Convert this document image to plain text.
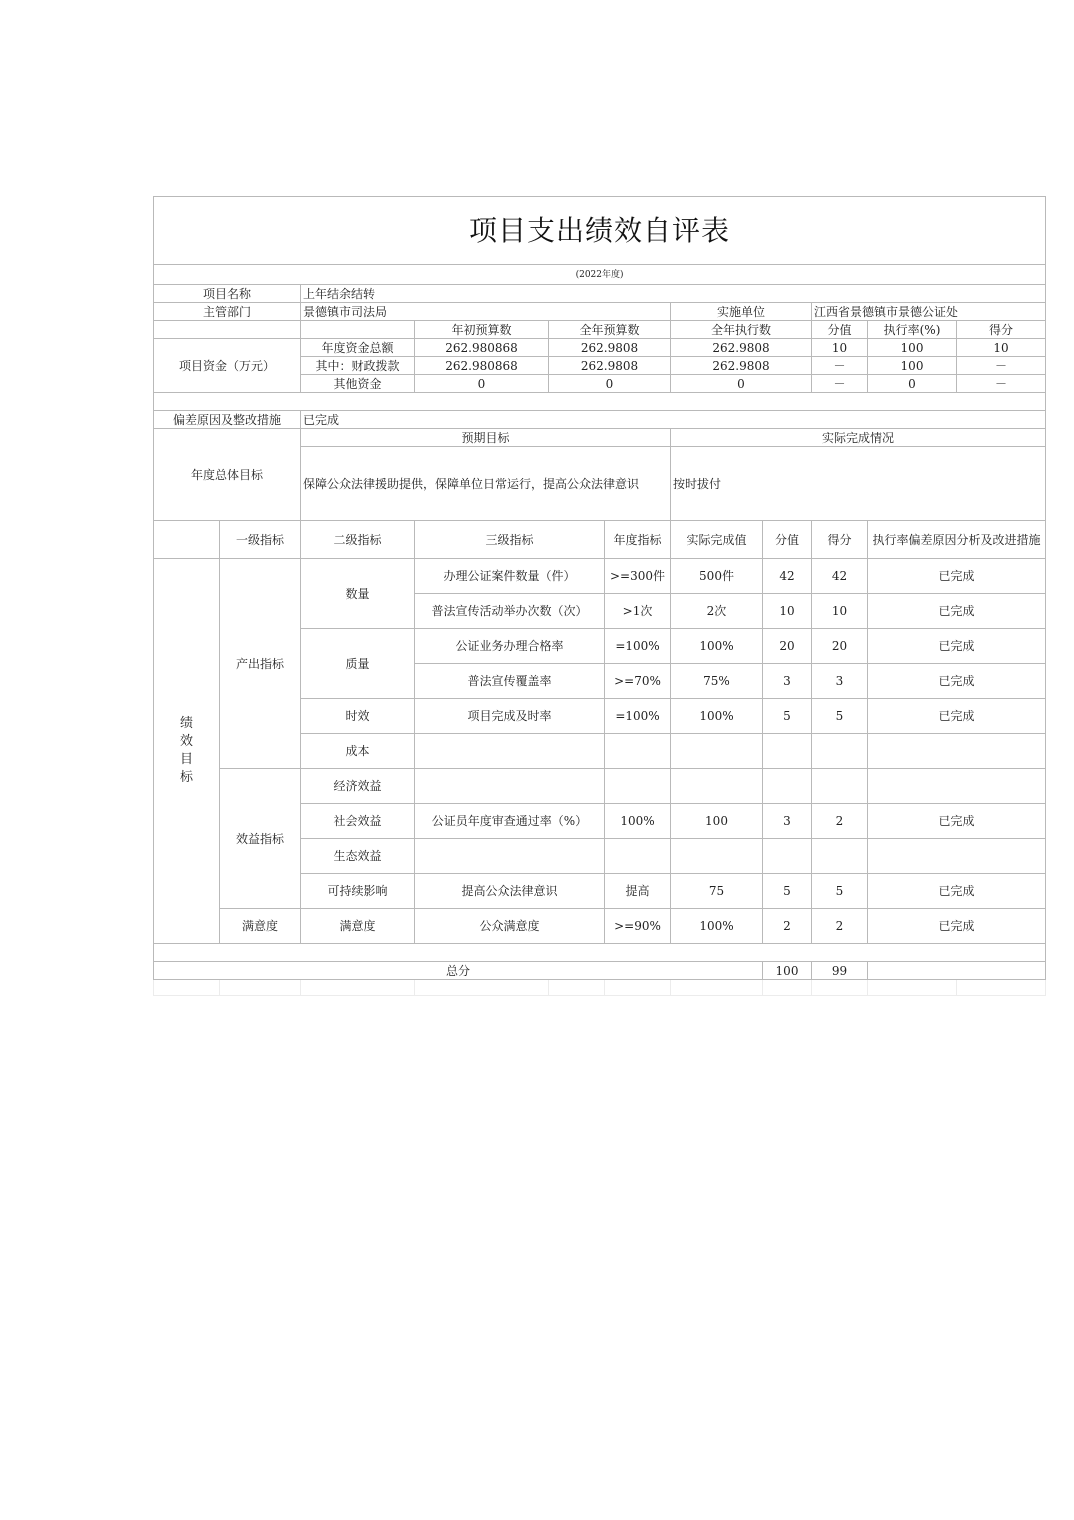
项目支出绩效自评表										
(2022年度)										
项目名称		上年结余结转								
主管部门		景德镇市司法局				实施单位		江西省景德镇市景德公证处		
			年初预算数	全年预算数		全年执行数		分值	执行率(%)	得分
项目资金（万元）		年度资金总额	262.980868	262.9808		262.9808		10	100	10
		其中：财政拨款	262.980868	262.9808		262.9808		－	100	－
		其他资金	0	0		0		－	0	－

偏差原因及整改措施		已完成								
年度总体目标		预期目标				实际完成情况				
		保障公众法律援助提供，保障单位日常运行，提高公众法律意识				按时拔付				
	一级指标	二级指标	三级指标		年度指标	实际完成值	分值	得分	执行率偏差原因分析及改进措施	

绩效目标	产出指标	数量	办理公证案件数量（件）		>=300件	500件	42	42	已完成	
			普法宣传活动举办次数（次）		>1次	2次	10	10	已完成	
		质量	公证业务办理合格率		=100%	100%	20	20	已完成	
			普法宣传覆盖率		>=70%	75%	3	3	已完成	
		时效	项目完成及时率		=100%	100%	5	5	已完成	
		成本								
	效益指标	经济效益								
		社会效益	公证员年度审查通过率（%）		100%	100	3	2	已完成	
		生态效益								
		可持续影响	提高公众法律意识		提高	75	5	5	已完成	
	满意度	满意度	公众满意度		>=90%	100%	2	2	已完成	

总分							100	99		
